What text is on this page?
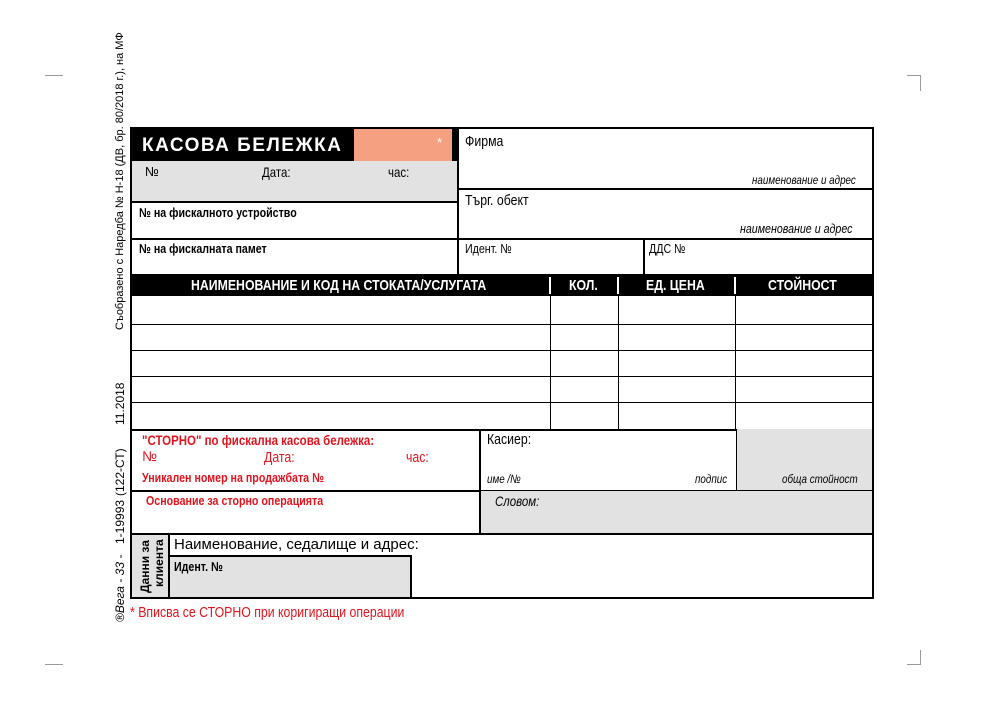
Съобразено с Наредба № Н-18 (ДВ, бр. 80/2018 г.), на МФ
11.2018
(122-СТ)
1-19993
®Вега - 33 -
КАСОВА БЕЛЕЖКА	*
№	Дата:	час:
№ на фискалното устройство
№ на фискалната памет
Фирма
наименование и адрес
Търг. обект
наименование и адрес
Идент. №	ДДС №
НАИМЕНОВАНИЕ И КОД НА СТОКАТА/УСЛУГАТА	КОЛ.	ЕД. ЦЕНА	СТОЙНОСТ
"СТОРНО" по фискална касова бележка:
№	Дата:	час:
Уникален номер на продажбата №
Основание за сторно операцията
Касиер:
име /№	подпис	обща стойност
Словом:
Данни за клиента Наименование, седалище и адрес:
Идент. №
* Вписва се СТОРНО при коригиращи операции
